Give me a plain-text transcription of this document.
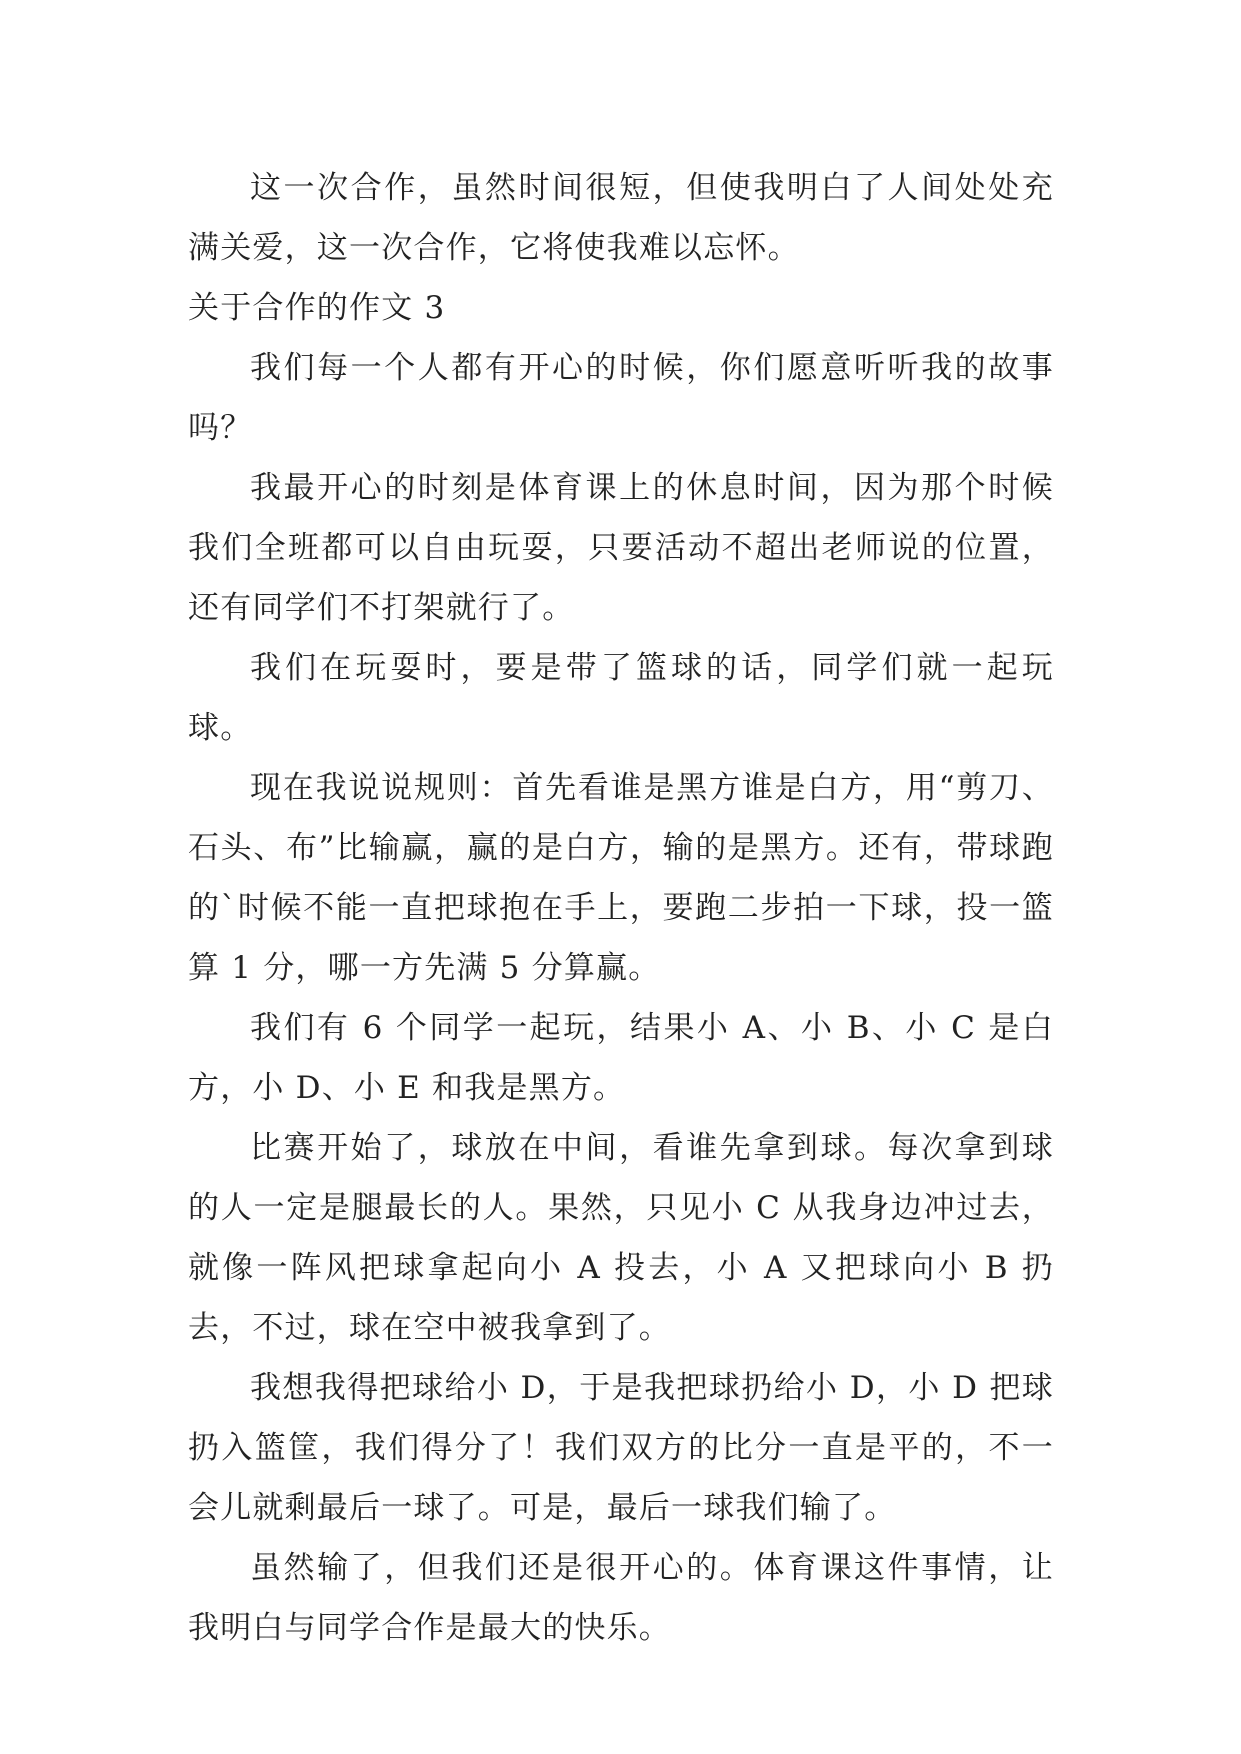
这一次合作，虽然时间很短，但使我明白了人间处处充满关爱，这一次合作，它将使我难以忘怀。

关于合作的作文 3

我们每一个人都有开心的时候，你们愿意听听我的故事吗？

我最开心的时刻是体育课上的休息时间，因为那个时候我们全班都可以自由玩耍，只要活动不超出老师说的位置，还有同学们不打架就行了。

我们在玩耍时，要是带了篮球的话，同学们就一起玩球。

现在我说说规则：首先看谁是黑方谁是白方，用“剪刀、石头、布”比输赢，赢的是白方，输的是黑方。还有，带球跑的`时候不能一直把球抱在手上，要跑二步拍一下球，投一篮算 1 分，哪一方先满 5 分算赢。

我们有 6 个同学一起玩，结果小 A、小 B、小 C 是白方，小 D、小 E 和我是黑方。

比赛开始了，球放在中间，看谁先拿到球。每次拿到球的人一定是腿最长的人。果然，只见小 C 从我身边冲过去，就像一阵风把球拿起向小 A 投去，小 A 又把球向小 B 扔去，不过，球在空中被我拿到了。

我想我得把球给小 D，于是我把球扔给小 D，小 D 把球扔入篮筐，我们得分了！我们双方的比分一直是平的，不一会儿就剩最后一球了。可是，最后一球我们输了。

虽然输了，但我们还是很开心的。体育课这件事情，让我明白与同学合作是最大的快乐。
